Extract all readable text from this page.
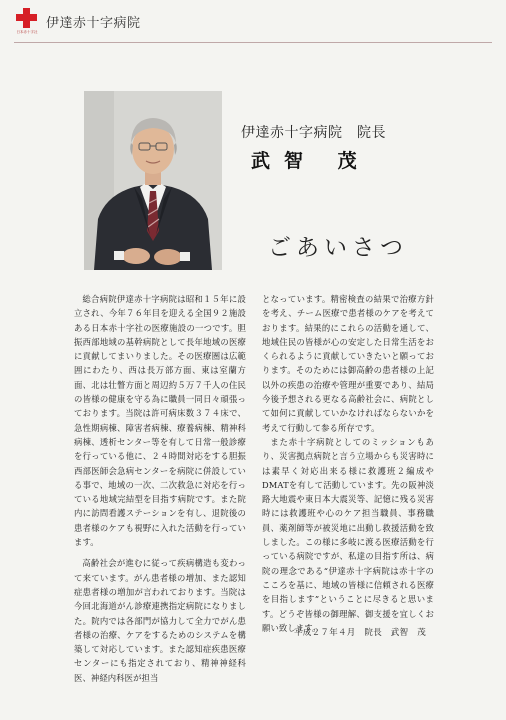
日本赤十字社
伊達赤十字病院
伊達赤十字病院　院長
武智 茂
ごあいさつ

総合病院伊達赤十字病院は昭和１５年に設立され、今年７６年目を迎える全国９２施設ある日本赤十字社の医療施設の一つです。胆振西部地域の基幹病院として長年地域の医療に貢献してまいりました。その医療圏は広範囲にわたり、西は長万部方面、東は室蘭方面、北は壮瞥方面と周辺約５万７千人の住民の皆様の健康を守る為に職員一同日々頑張っております。当院は許可病床数３７４床で、急性期病棟、障害者病棟、療養病棟、精神科病棟、透析センター等を有して日常一般診療を行っている他に、２４時間対応をする胆振西部医師会急病センターを病院に併設している事で、地域の一次、二次救急に対応を行っている地域完結型を目指す病院です。また院内に訪問看護ステーションを有し、退院後の患者様のケアも視野に入れた活動を行っています。

高齢社会が進むに従って疾病構造も変わって来ています。がん患者様の増加、また認知症患者様の増加が言われております。当院は今回北海道がん診療連携指定病院になりました。院内では各部門が協力して全力でがん患者様の治療、ケアをするためのシステムを構築して対応しています。また認知症疾患医療センターにも指定されており、精神神経科医、神経内科医が担当

となっています。精密検査の結果で治療方針を考え、チーム医療で患者様のケアを考えております。結果的にこれらの活動を通して、地域住民の皆様が心の安定した日常生活をおくられるように貢献していきたいと願っております。そのためには御高齢の患者様の上記以外の疾患の治療や管理が重要であり、結局今後予想される更なる高齢社会に、病院として如何に貢献していかなければならないかを考えて行動して参る所存です。

また赤十字病院としてのミッションもあり、災害拠点病院と言う立場からも災害時には素早く対応出来る様に救護班２編成やDMATを有して活動しています。先の阪神淡路大地震や東日本大震災等、記憶に残る災害時には救護班や心のケア担当職員、事務職員、薬剤師等が被災地に出動し救援活動を致しました。この様に多岐に渡る医療活動を行っている病院ですが、私達の目指す所は、病院の理念である“伊達赤十字病院は赤十字のこころを基に、地域の皆様に信頼される医療を目指します”ということに尽きると思います。どうぞ皆様の御理解、御支援を宜しくお願い致します。

平成２７年４月　院長　武智　茂
